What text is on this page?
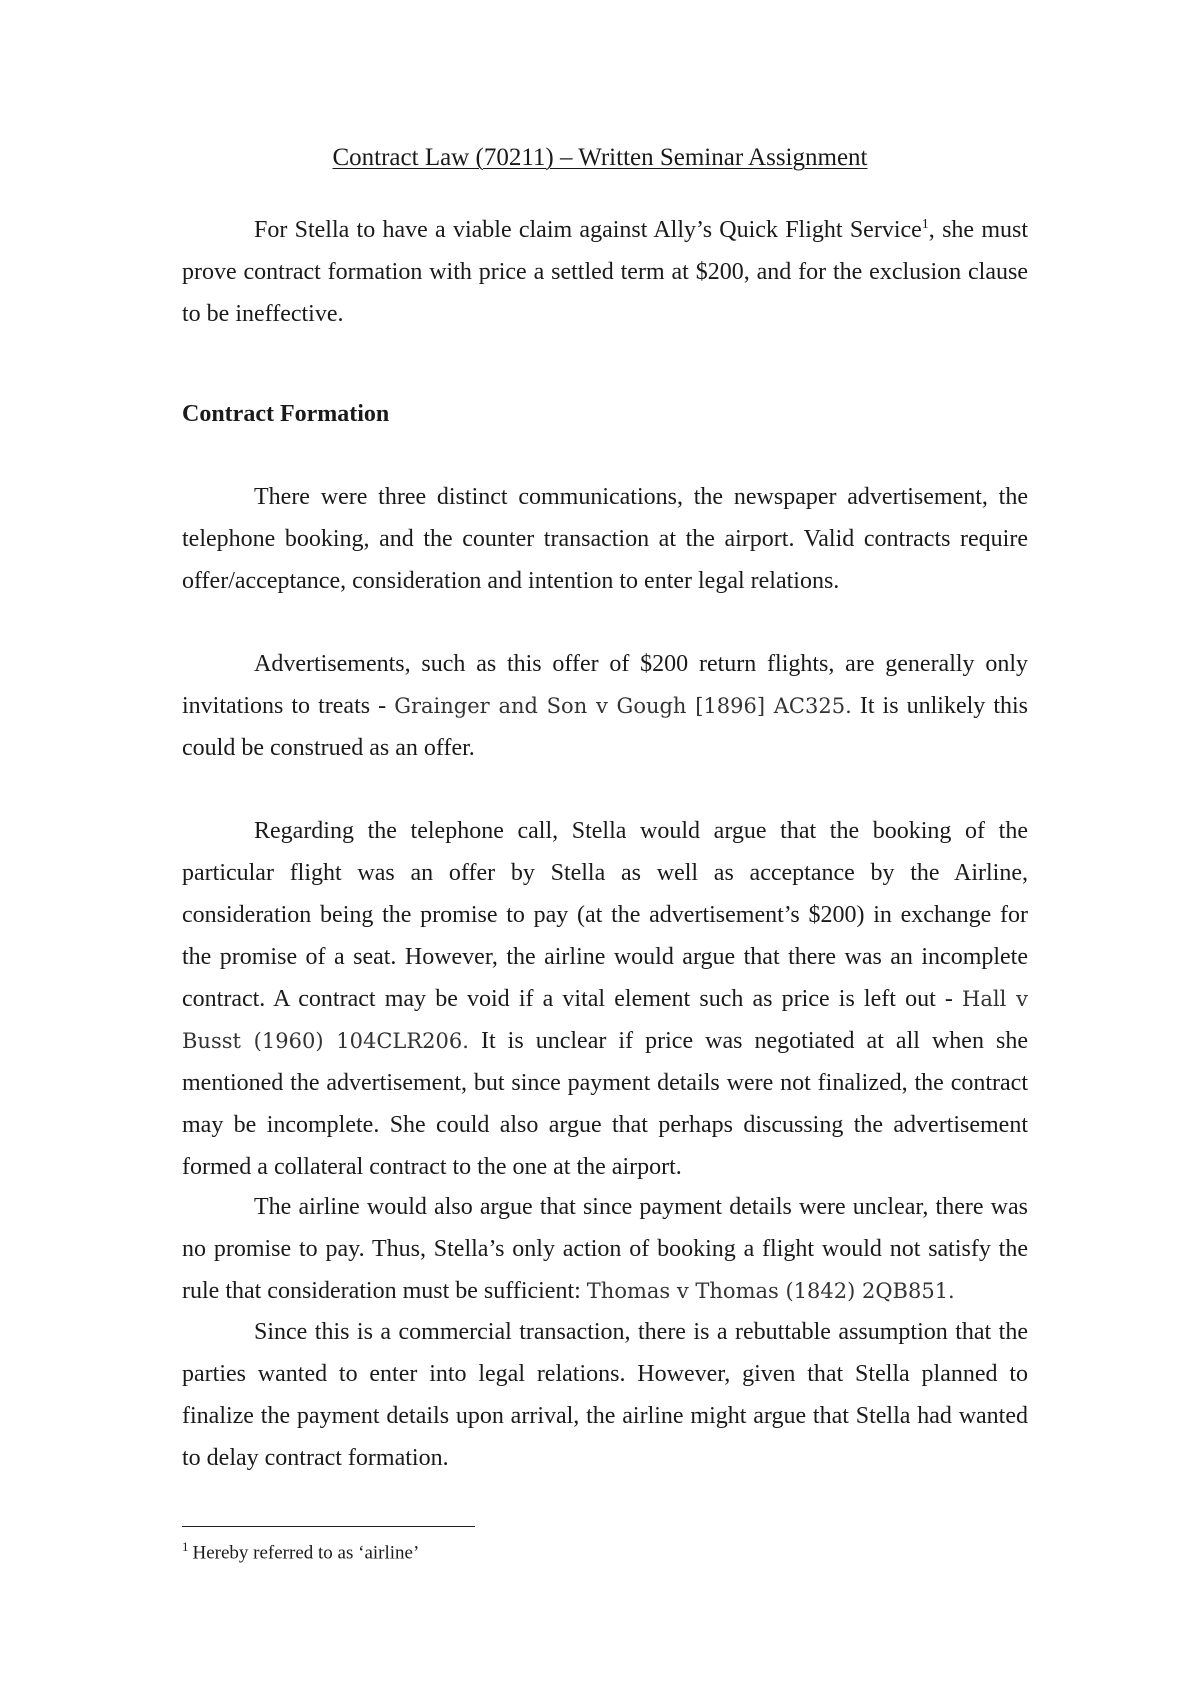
Contract Law (70211) – Written Seminar Assignment

For Stella to have a viable claim against Ally’s Quick Flight Service$^1$, she must prove contract formation with price a settled term at $200, and for the exclusion clause to be ineffective.

Contract Formation

There were three distinct communications, the newspaper advertisement, the telephone booking, and the counter transaction at the airport. Valid contracts require offer/acceptance, consideration and intention to enter legal relations.

Advertisements, such as this offer of $200 return flights, are generally only invitations to treats - Grainger and Son v Gough [1896] AC325. It is unlikely this could be construed as an offer.

Regarding the telephone call, Stella would argue that the booking of the particular flight was an offer by Stella as well as acceptance by the Airline, consideration being the promise to pay (at the advertisement’s $200) in exchange for the promise of a seat. However, the airline would argue that there was an incomplete contract. A contract may be void if a vital element such as price is left out - Hall v Busst (1960) 104CLR206. It is unclear if price was negotiated at all when she mentioned the advertisement, but since payment details were not finalized, the contract may be incomplete. She could also argue that perhaps discussing the advertisement formed a collateral contract to the one at the airport.

The airline would also argue that since payment details were unclear, there was no promise to pay. Thus, Stella’s only action of booking a flight would not satisfy the rule that consideration must be sufficient: Thomas v Thomas (1842) 2QB851.

Since this is a commercial transaction, there is a rebuttable assumption that the parties wanted to enter into legal relations. However, given that Stella planned to finalize the payment details upon arrival, the airline might argue that Stella had wanted to delay contract formation.

$^1$ Hereby referred to as ‘airline’
